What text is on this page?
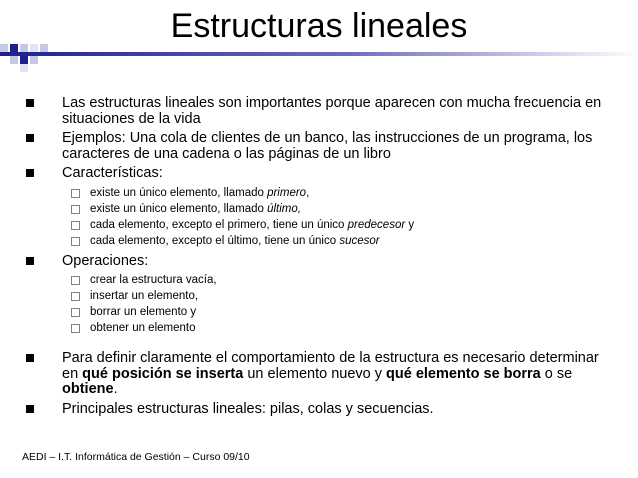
Estructuras lineales
Las estructuras lineales son importantes porque aparecen con mucha frecuencia en situaciones de la vida
Ejemplos: Una cola de clientes de un banco, las instrucciones de un programa, los caracteres de una cadena o las páginas de un libro
Características:
existe un único elemento, llamado primero,
existe un único elemento, llamado último,
cada elemento, excepto el primero, tiene un único predecesor y
cada elemento, excepto el último, tiene un único sucesor
Operaciones:
crear la estructura vacía,
insertar un elemento,
borrar un elemento y
obtener un elemento
Para definir claramente el comportamiento de la estructura es necesario determinar en qué posición se inserta un elemento nuevo y qué elemento se borra o se obtiene.
Principales estructuras lineales: pilas, colas y secuencias.
AEDI – I.T. Informática de Gestión – Curso 09/10
